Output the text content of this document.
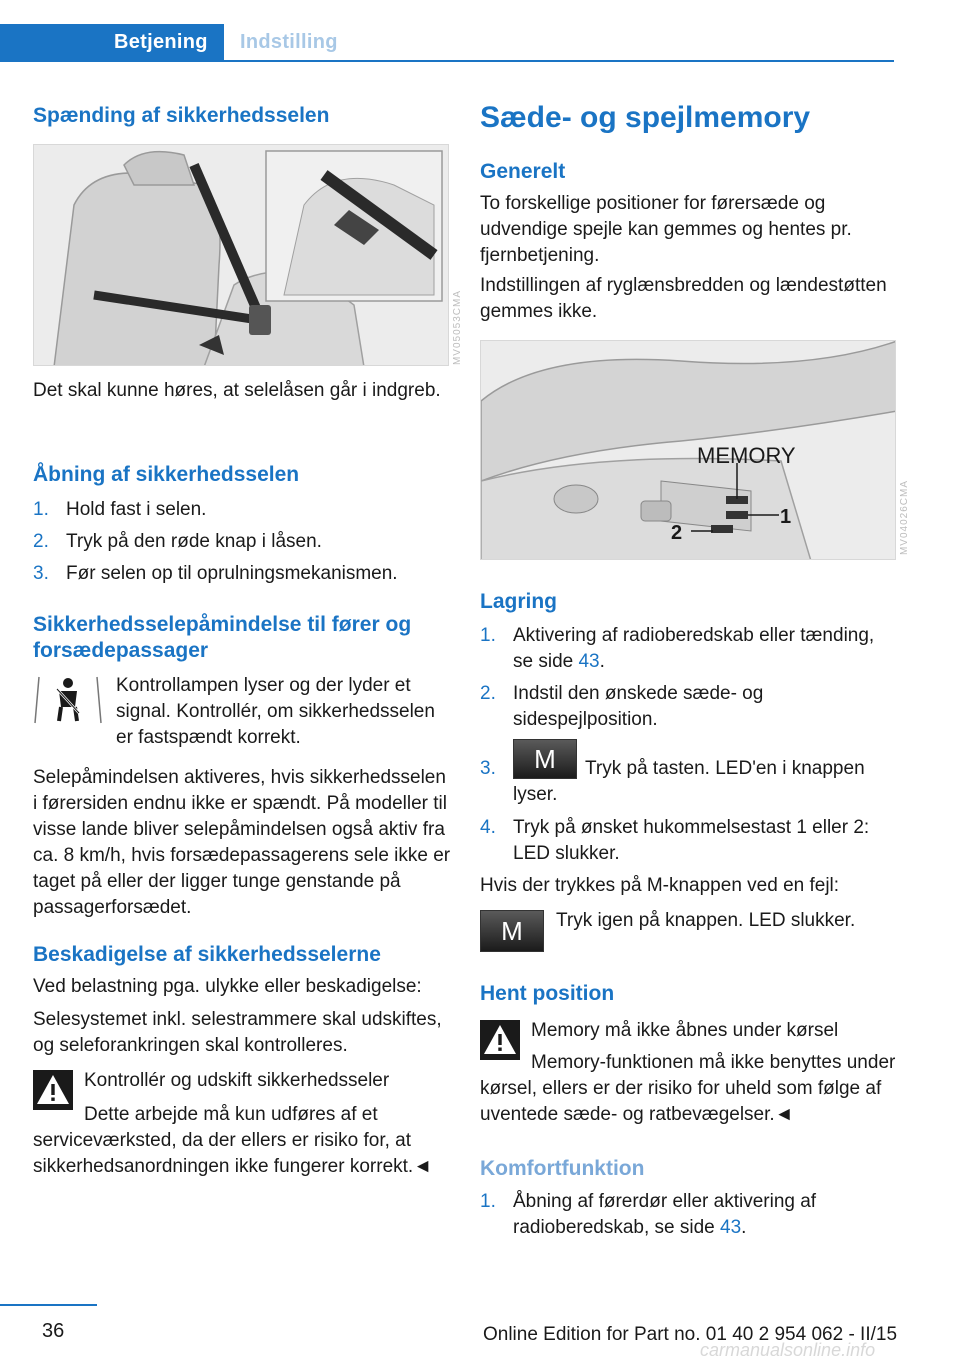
Betjening	Indstilling
Spænding af sikkerhedsselen
MV05053CMA
Det skal kunne høres, at selelåsen går i indgreb.
Åbning af sikkerhedsselen
1. Hold fast i selen.
2. Tryk på den røde knap i låsen.
3. Før selen op til oprulningsmekanismen.
Sikkerhedsselepåmindelse til fører og forsædepassager
Kontrollampen lyser og der lyder et signal. Kontrollér, om sikkerhedsselen er fastspændt korrekt.
Selepåmindelsen aktiveres, hvis sikkerhedsselen i førersiden endnu ikke er spændt. På modeller til visse lande bliver selepåmindelsen også aktiv fra ca. 8 km/h, hvis forsædepassagerens sele ikke er taget på eller der ligger tunge genstande på passagerforsædet.
Beskadigelse af sikkerhedsselerne
Ved belastning pga. ulykke eller beskadigelse:
Selesystemet inkl. selestrammere skal udskiftes, og seleforankringen skal kontrolleres.
Kontrollér og udskift sikkerhedsseler
Dette arbejde må kun udføres af et serviceværksted, da der ellers er risiko for, at sikkerhedsanordningen ikke fungerer korrekt.◄
Sæde- og spejlmemory
Generelt
To forskellige positioner for førersæde og udvendige spejle kan gemmes og hentes pr. fjernbetjening.
Indstillingen af ryglænsbredden og lændestøtten gemmes ikke.
MEMORY
1
2	MV04026CMA
Lagring
1. Aktivering af radioberedskab eller tænding, se side 43.
2. Indstil den ønskede sæde- og sidespejlposition.
3.	Tryk på tasten. LED'en i knappen lyser.
M
4. Tryk på ønsket hukommelsestast 1 eller 2: LED slukker.
Hvis der trykkes på M-knappen ved en fejl:
M	Tryk igen på knappen. LED slukker.
Hent position
Memory må ikke åbnes under kørsel
Memory-funktionen må ikke benyttes under kørsel, ellers er der risiko for uheld som følge af uventede sæde- og ratbevægelser.◄
Komfortfunktion
1. Åbning af førerdør eller aktivering af radioberedskab, se side 43.
36	Online Edition for Part no. 01 40 2 954 062 - II/15
carmanualsonline.info
